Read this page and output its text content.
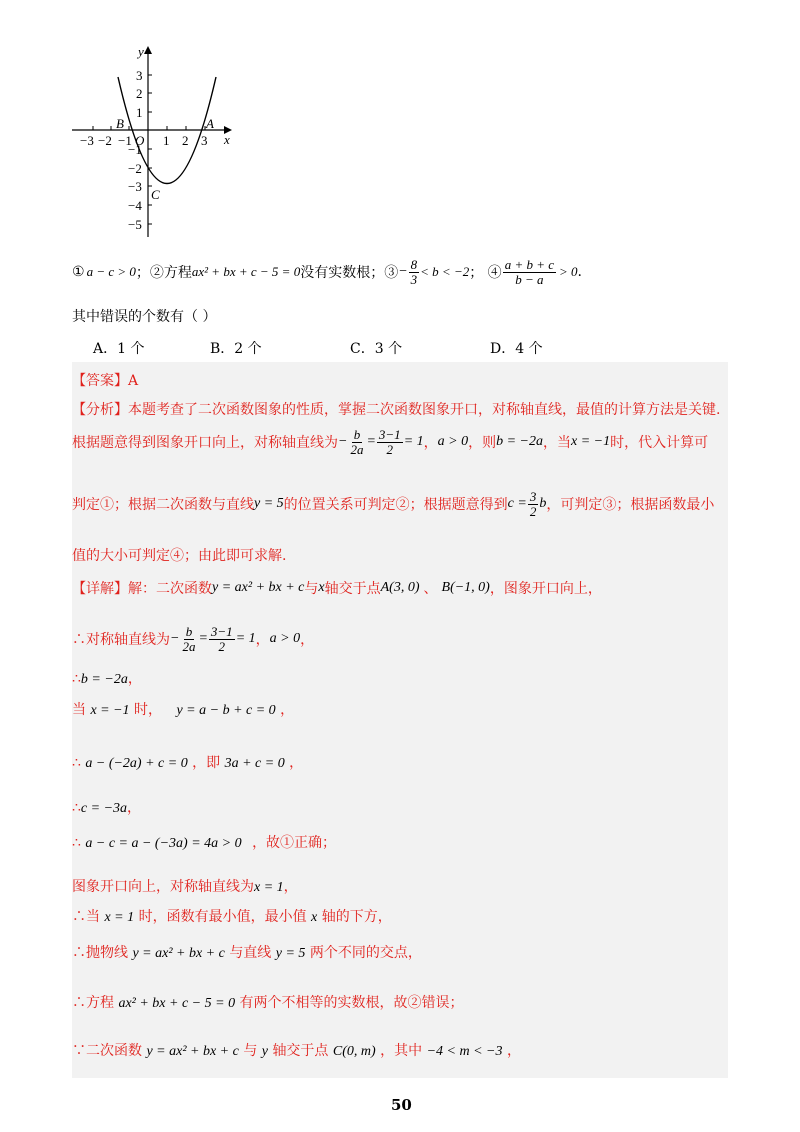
y
x
3
2
1
−1
−2
−3
−4
−5
−3 −2 −1 1 2 3
O
B	A
C
① a − c > 0 ；②方程 ax² + bx + c − 5 = 0 没有实数根；③ − $\frac{8}{3} < b < -2$ ； ④ $\frac{a + b + c}{b - a} > 0$ .
其中错误的个数有（ ）
A．1 个	B．2 个	C．3 个	D．4 个
【答案】A
【分析】本题考查了二次函数图象的性质，掌握二次函数图象开口，对称轴直线，最值的计算方法是关键.
根据题意得到图象开口向上，对称轴直线为 − $\frac{b}{2a} = \frac{3-1}{2} = 1$ ， a > 0 ，则 b = −2a ，当 x = −1 时，代入计算可
判定①；根据二次函数与直线 y = 5 的位置关系可判定②；根据题意得到 $c = \frac{3}{2}$ b ，可判定③；根据函数最小
值的大小可判定④；由此即可求解.
【详解】 解：二次函数 y = ax² + bx + c 与 x 轴交于点 A(3, 0) 、 B(−1, 0) ，图象开口向上，
∴对称轴直线为 − $\frac{b}{2a} = \frac{3-1}{2} = 1$ ， a > 0 ，
∴b = −2a，
当 x = −1 时， y = a − b + c = 0 ，
∴ a − (−2a) + c = 0 ，即 3a + c = 0 ，
∴c = −3a，
∴ a − c = a − (−3a) = 4a > 0 ，故①正确；
图象开口向上，对称轴直线为x = 1，
∴当 x = 1 时，函数有最小值，最小值 x 轴的下方，
∴抛物线 y = ax² + bx + c 与直线 y = 5 两个不同的交点，
∴方程 ax² + bx + c − 5 = 0 有两个不相等的实数根，故②错误；
∵二次函数 y = ax² + bx + c 与 y 轴交于点 C(0, m) ，其中 −4 < m < −3 ，
50
